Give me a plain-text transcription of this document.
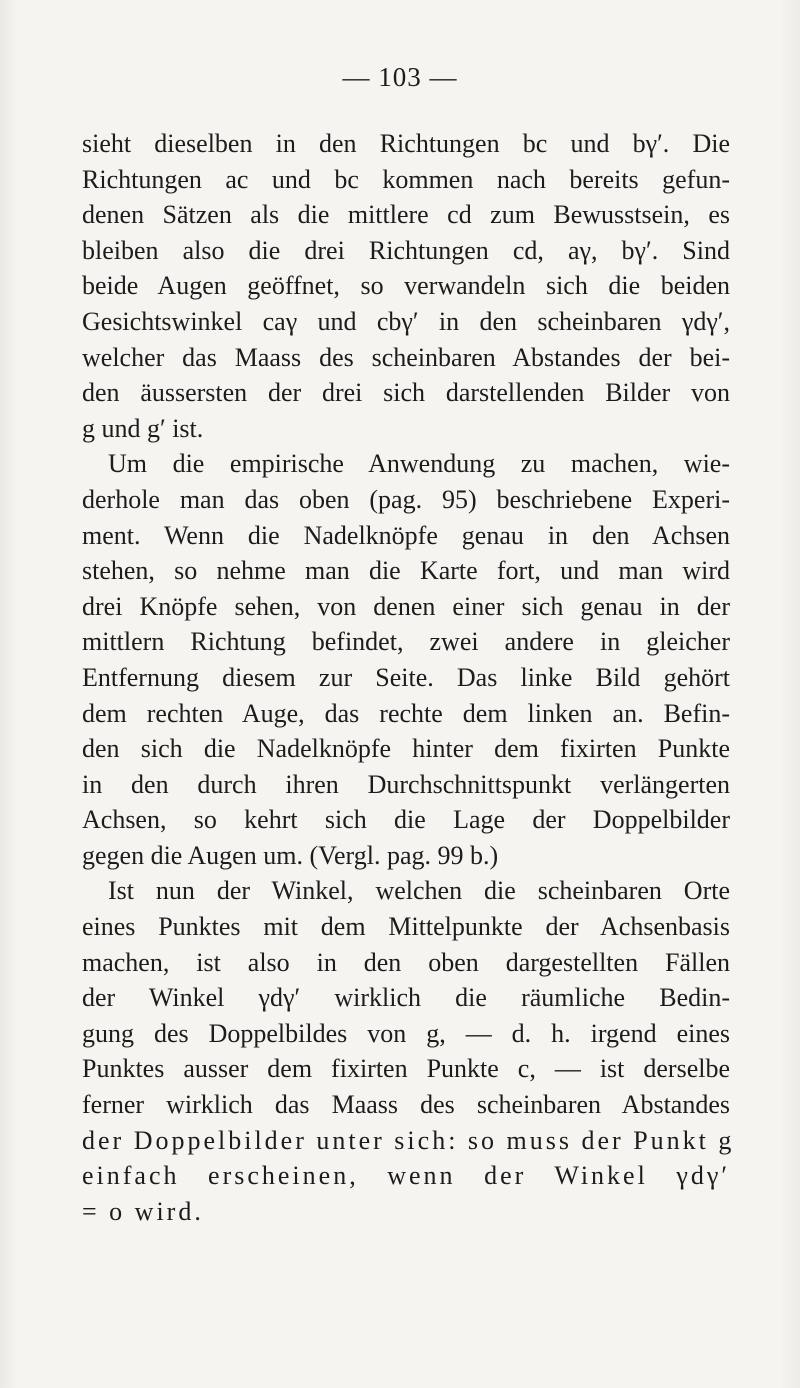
— 103 —
sieht dieselben in den Richtungen bc und bγ′. Die
Richtungen ac und bc kommen nach bereits gefun-
denen Sätzen als die mittlere cd zum Bewusstsein, es
bleiben also die drei Richtungen cd, aγ, bγ′. Sind
beide Augen geöffnet, so verwandeln sich die beiden
Gesichtswinkel caγ und cbγ′ in den scheinbaren γdγ′,
welcher das Maass des scheinbaren Abstandes der bei-
den äussersten der drei sich darstellenden Bilder von
g und g′ ist.
Um die empirische Anwendung zu machen, wie-
derhole man das oben (pag. 95) beschriebene Experi-
ment. Wenn die Nadelknöpfe genau in den Achsen
stehen, so nehme man die Karte fort, und man wird
drei Knöpfe sehen, von denen einer sich genau in der
mittlern Richtung befindet, zwei andere in gleicher
Entfernung diesem zur Seite. Das linke Bild gehört
dem rechten Auge, das rechte dem linken an. Befin-
den sich die Nadelknöpfe hinter dem fixirten Punkte
in den durch ihren Durchschnittspunkt verlängerten
Achsen, so kehrt sich die Lage der Doppelbilder
gegen die Augen um. (Vergl. pag. 99 b.)
Ist nun der Winkel, welchen die scheinbaren Orte
eines Punktes mit dem Mittelpunkte der Achsenbasis
machen, ist also in den oben dargestellten Fällen
der Winkel γdγ′ wirklich die räumliche Bedin-
gung des Doppelbildes von g, — d. h. irgend eines
Punktes ausser dem fixirten Punkte c, — ist derselbe
ferner wirklich das Maass des scheinbaren Abstandes
der Doppelbilder unter sich: so muss der Punkt g
einfach erscheinen, wenn der Winkel γdγ′
= o wird.
